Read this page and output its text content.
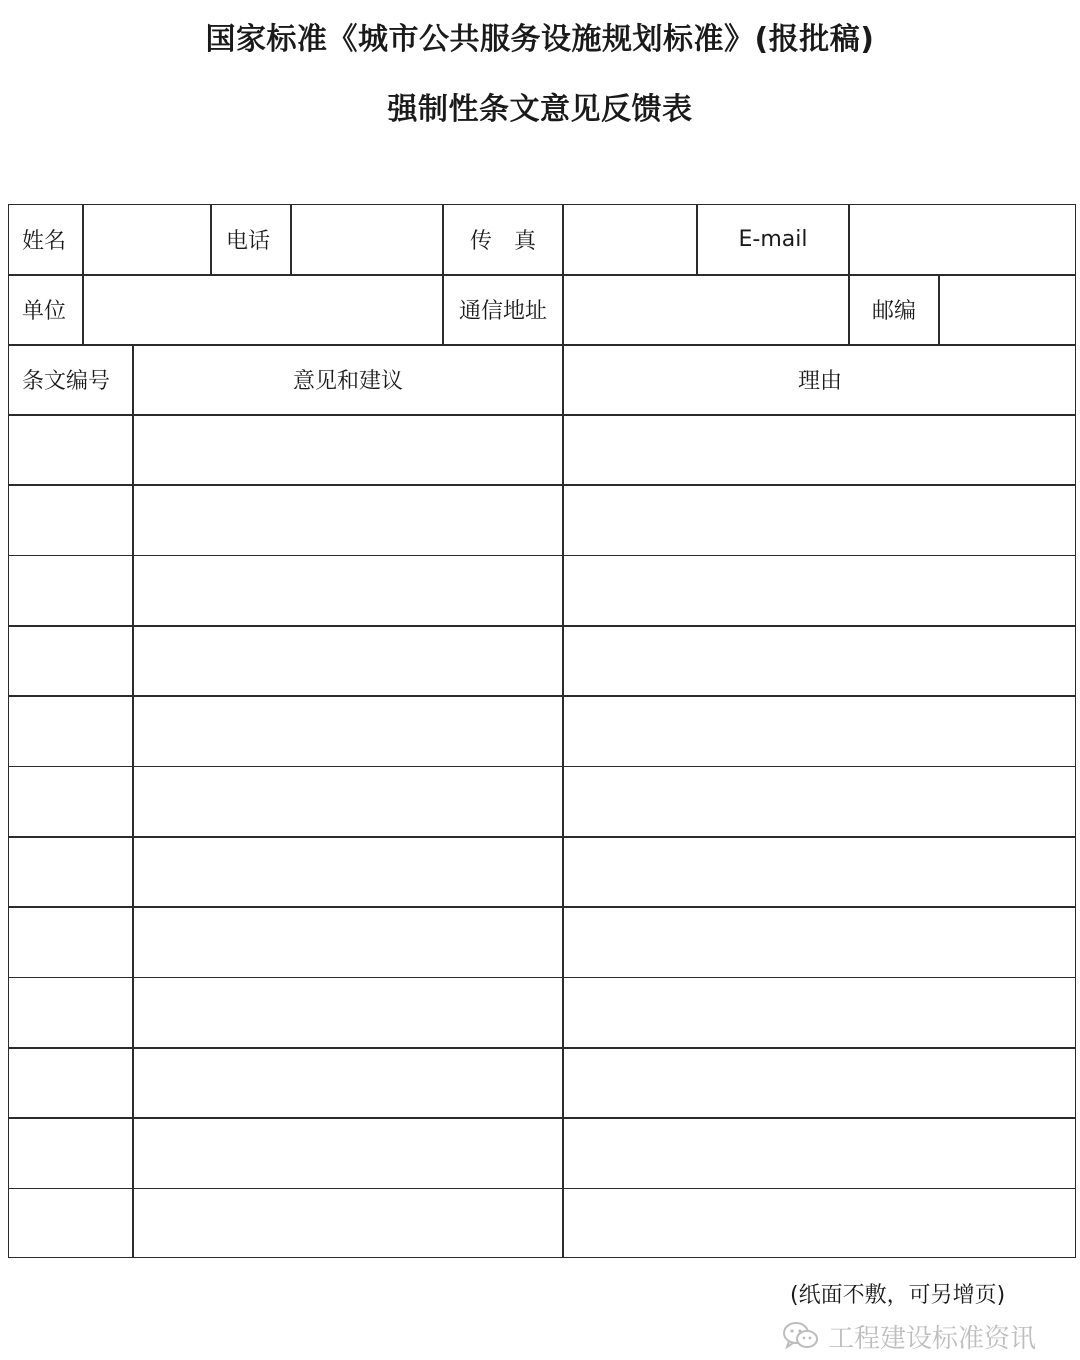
国家标准《城市公共服务设施规划标准》(报批稿)
强制性条文意见反馈表
姓名	电话	传　真	E-mail
单位	通信地址	邮编
条文编号	意见和建议	理由
(纸面不敷，可另增页)
工程建设标准资讯
